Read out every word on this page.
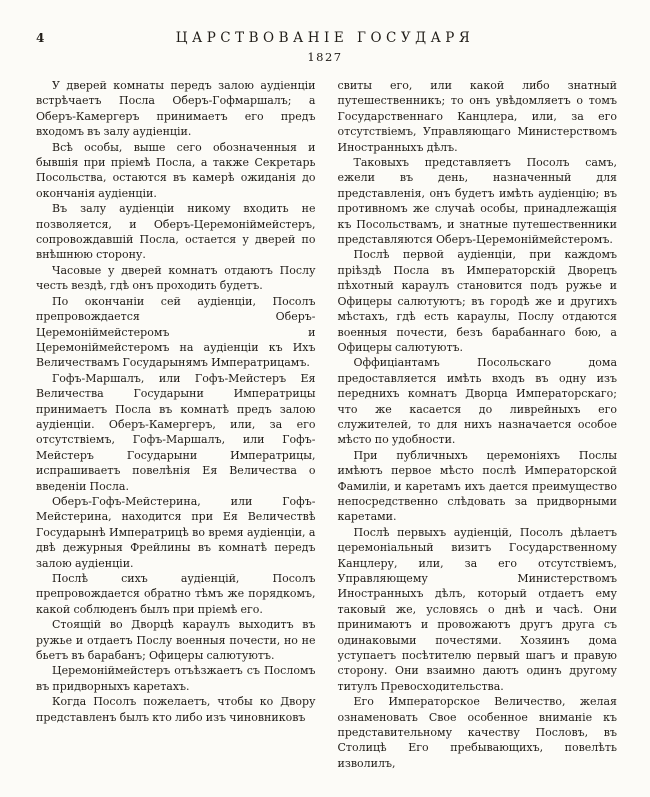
4	ЦАРСТВОВАНІЕ ГОСУДАРЯ
1827

У дверей комнаты передъ залою аудіенціи встрѣчаетъ Посла Оберъ-Гофмаршалъ; а Оберъ-Камергеръ принимаетъ его предъ входомъ въ залу аудіенціи.

Всѣ особы, выше сего обозначенныя и бывшія при пріемѣ Посла, а также Секретарь Посольства, остаются въ камерѣ ожиданія до окончанія аудіенціи.

Въ залу аудіенціи никому входить не позволяется, и Оберъ-Церемоніймейстеръ, сопровождавшій Посла, остается у дверей по внѣшнюю сторону.

Часовые у дверей комнатъ отдаютъ Послу честь вездѣ, гдѣ онъ проходить будетъ.

По окончаніи сей аудіенціи, Посолъ препровождается Оберъ-Церемоніймейстеромъ и Церемоніймейстеромъ на аудіенціи къ Ихъ Величествамъ Государынямъ Императрицамъ.

Гофъ-Маршалъ, или Гофъ-Мейстеръ Ея Величества Государыни Императрицы принимаетъ Посла въ комнатѣ предъ залою аудіенціи. Оберъ-Камергеръ, или, за его отсутствіемъ, Гофъ-Маршалъ, или Гофъ-Мейстеръ Государыни Императрицы, испрашиваетъ повелѣнія Ея Величества о введеніи Посла.

Оберъ-Гофъ-Мейстерина, или Гофъ-Мейстерина, находится при Ея Величествѣ Государынѣ Императрицѣ во время аудіенціи, а двѣ дежурныя Фрейлины въ комнатѣ передъ залою аудіенціи.

Послѣ сихъ аудіенцій, Посолъ препровождается обратно тѣмъ же порядкомъ, какой соблюденъ былъ при пріемѣ его.

Стоящій во Дворцѣ караулъ выходитъ въ ружье и отдаетъ Послу военныя почести, но не бьетъ въ барабанъ; Офицеры салютуютъ.

Церемоніймейстеръ отъѣзжаетъ съ Посломъ въ придворныхъ каретахъ.

Когда Посолъ пожелаетъ, чтобы ко Двору представленъ былъ кто либо изъ чиновниковъ

свиты его, или какой либо знатный путешественникъ; то онъ увѣдомляетъ о томъ Государственнаго Канцлера, или, за его отсутствіемъ, Управляющаго Министерствомъ Иностранныхъ дѣлъ.

Таковыхъ представляетъ Посолъ самъ, ежели въ день, назначенный для представленія, онъ будетъ имѣть аудіенцію; въ противномъ же случаѣ особы, принадлежащія къ Посольствамъ, и знатные путешественники представляются Оберъ-Церемоніймейстеромъ.

Послѣ первой аудіенціи, при каждомъ пріѣздѣ Посла въ Императорскій Дворецъ пѣхотный караулъ становится подъ ружье и Офицеры салютуютъ; въ городѣ же и другихъ мѣстахъ, гдѣ есть караулы, Послу отдаются военныя почести, безъ барабаннаго бою, а Офицеры салютуютъ.

Оффиціантамъ Посольскаго дома предоставляется имѣть входъ въ одну изъ переднихъ комнатъ Дворца Императорскаго; что же касается до ливрейныхъ его служителей, то для нихъ назначается особое мѣсто по удобности.

При публичныхъ церемоніяхъ Послы имѣютъ первое мѣсто послѣ Императорской Фамиліи, и каретамъ ихъ дается преимущество непосредственно слѣдовать за придворными каретами.

Послѣ первыхъ аудіенцій, Посолъ дѣлаетъ церемоніальный визитъ Государственному Канцлеру, или, за его отсутствіемъ, Управляющему Министерствомъ Иностранныхъ дѣлъ, который отдаетъ ему таковый же, условясь о днѣ и часѣ. Они принимаютъ и провожаютъ другъ друга съ одинаковыми почестями. Хозяинъ дома уступаетъ посѣтителю первый шагъ и правую сторону. Они взаимно даютъ одинъ другому титулъ Превосходительства.

Его Императорское Величество, желая ознаменовать Свое особенное вниманіе къ представительному качеству Пословъ, въ Столицѣ Его пребывающихъ, повелѣть изволилъ,
